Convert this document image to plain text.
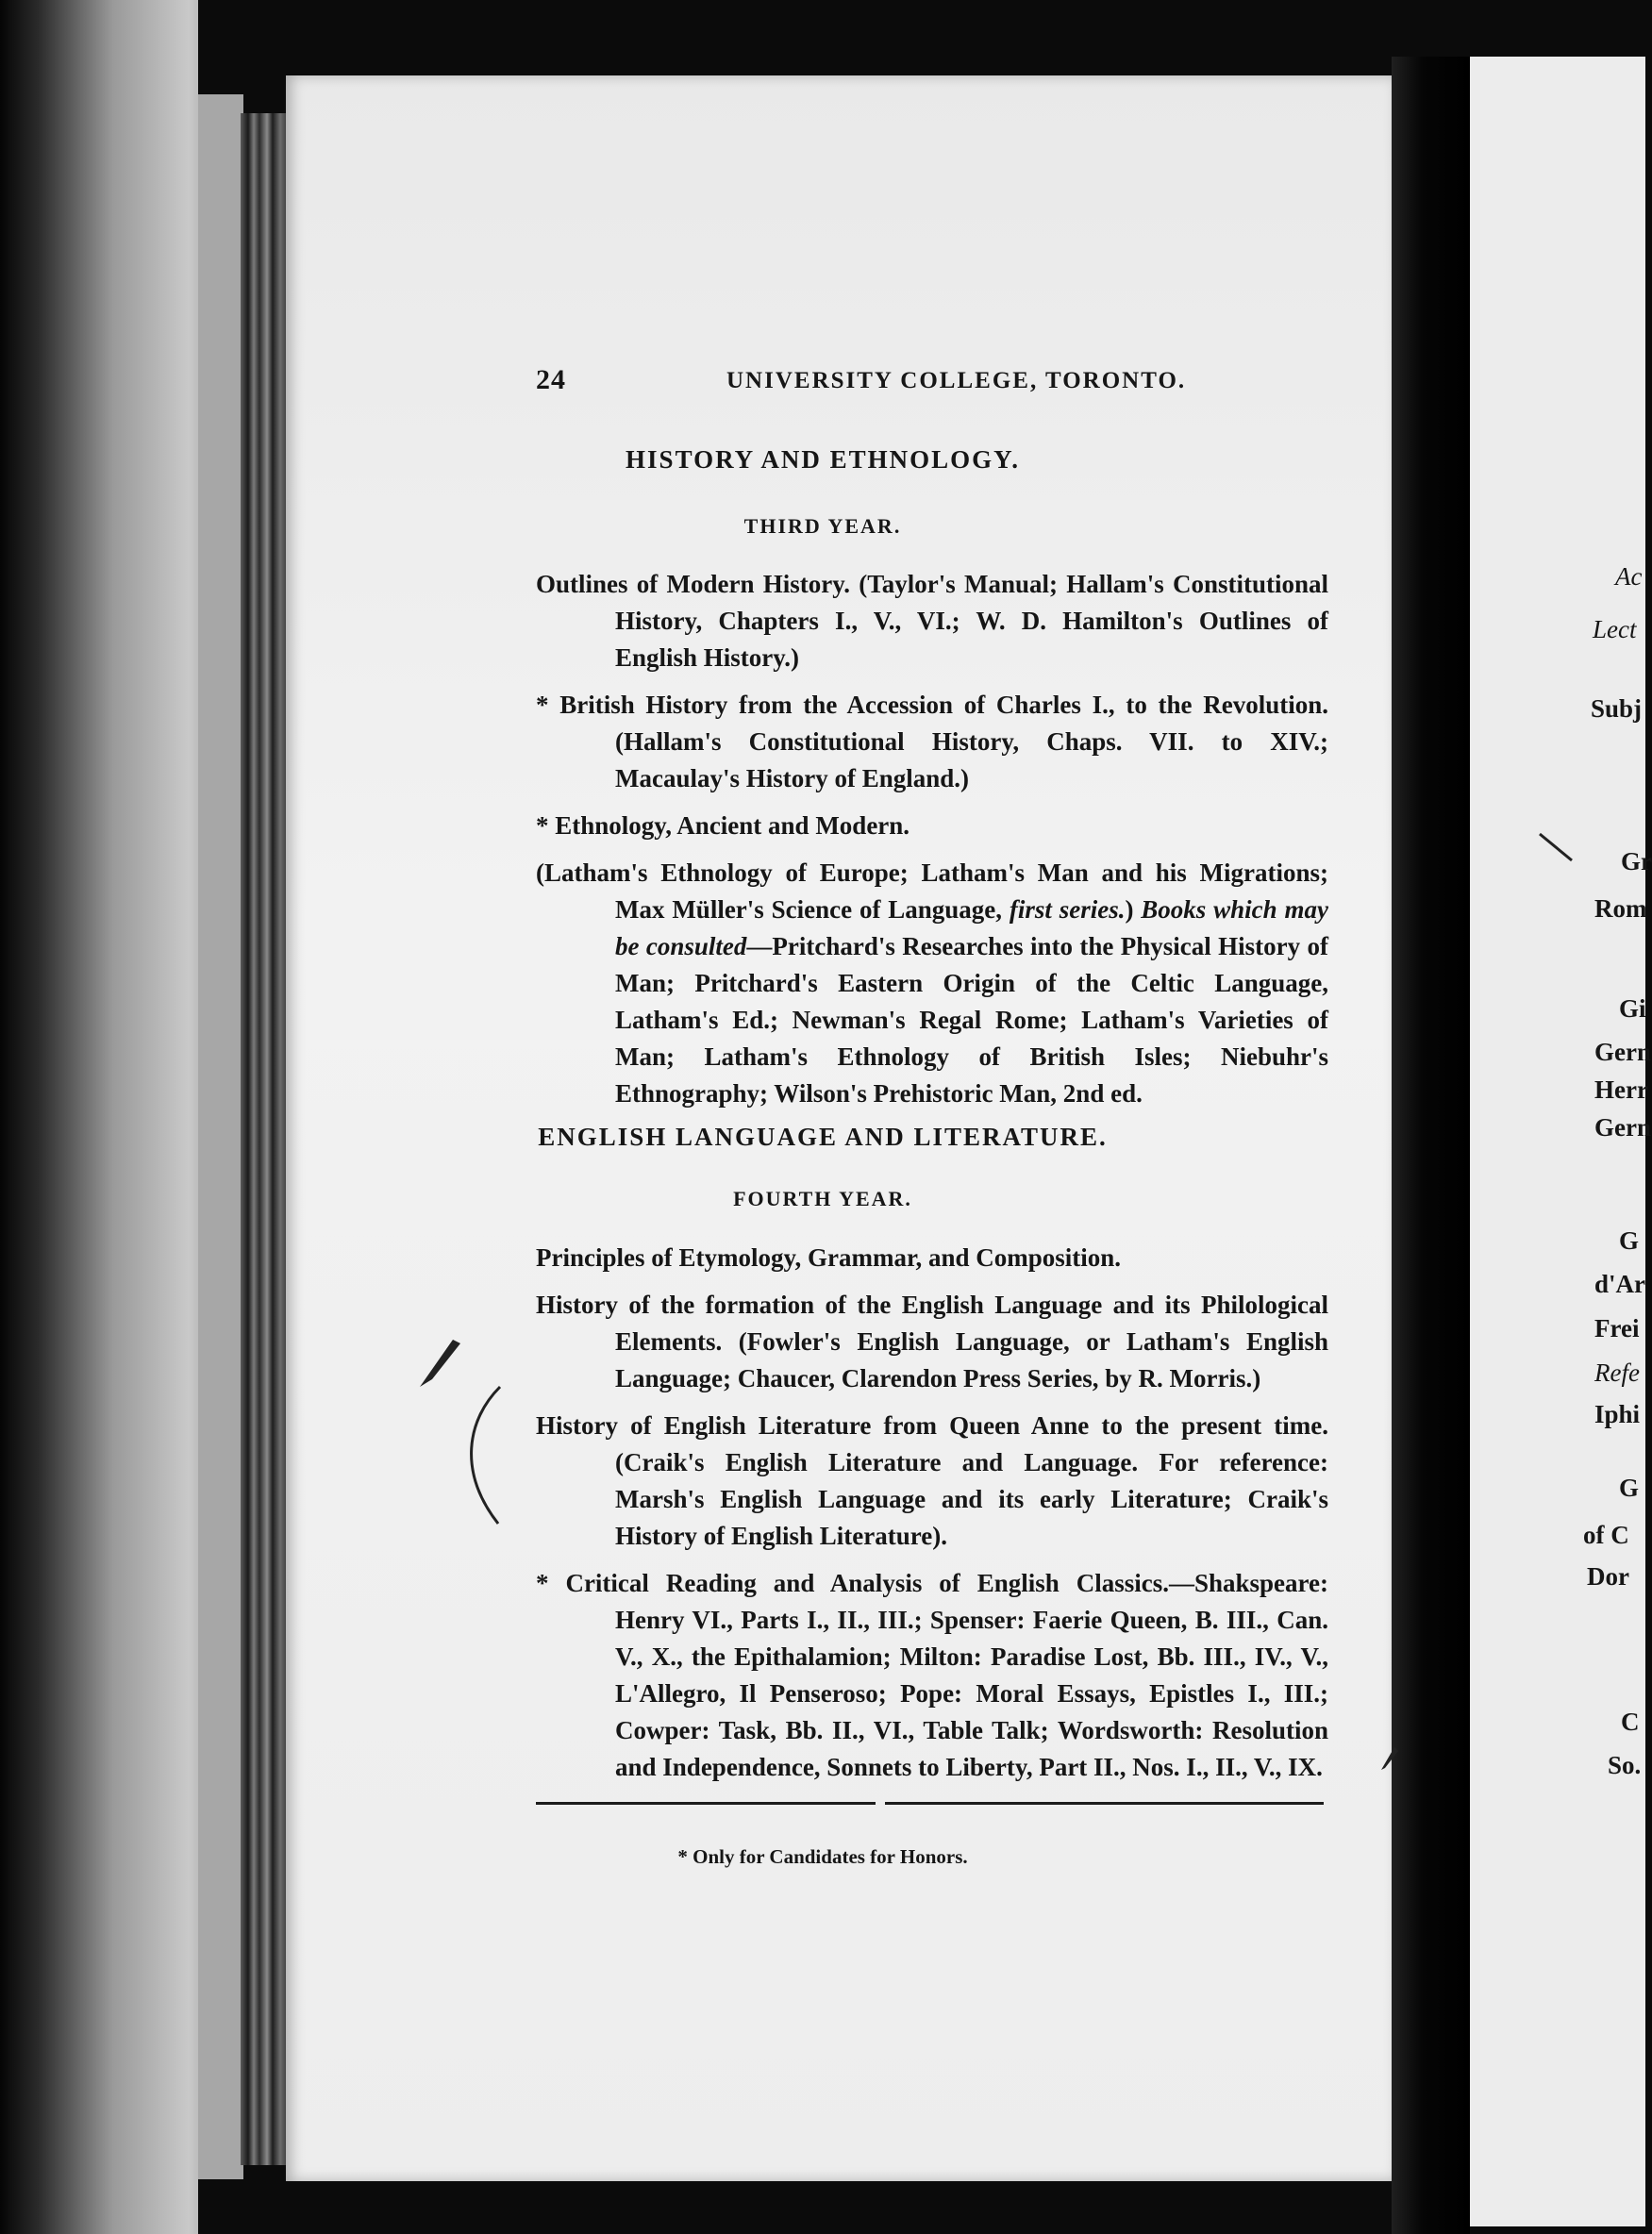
24	UNIVERSITY COLLEGE, TORONTO.
HISTORY AND ETHNOLOGY.
THIRD YEAR.

Outlines of Modern History. (Taylor's Manual; Hallam's Constitutional History, Chapters I., V., VI.; W. D. Hamilton's Outlines of English History.)

* British History from the Accession of Charles I., to the Revolution. (Hallam's Constitutional History, Chaps. VII. to XIV.; Macaulay's History of England.)

* Ethnology, Ancient and Modern.

(Latham's Ethnology of Europe; Latham's Man and his Migrations; Max Müller's Science of Language, first series.) Books which may be consulted—Pritchard's Researches into the Physical History of Man; Pritchard's Eastern Origin of the Celtic Language, Latham's Ed.; Newman's Regal Rome; Latham's Varieties of Man; Latham's Ethnology of British Isles; Niebuhr's Ethnography; Wilson's Prehistoric Man, 2nd ed.

ENGLISH LANGUAGE AND LITERATURE.
FOURTH YEAR.

Principles of Etymology, Grammar, and Composition.

History of the formation of the English Language and its Philological Elements. (Fowler's English Language, or Latham's English Language; Chaucer, Clarendon Press Series, by R. Morris.)

History of English Literature from Queen Anne to the present time. (Craik's English Literature and Language. For reference: Marsh's English Language and its early Literature; Craik's History of English Literature).

* Critical Reading and Analysis of English Classics.—Shakspeare: Henry VI., Parts I., II., III.; Spenser: Faerie Queen, B. III., Can. V., X., the Epithalamion; Milton: Paradise Lost, Bb. III., IV., V., L'Allegro, Il Penseroso; Pope: Moral Essays, Epistles I., III.; Cowper: Task, Bb. II., VI., Table Talk; Wordsworth: Resolution and Independence, Sonnets to Liberty, Part II., Nos. I., II., V., IX.

* Only for Candidates for Honors.
Ac
Lect
Subj
Gr
Rom
Gi
Gern
Herr
Gern
G
d'Ar
Frei
Refe
Iphi
G
of C
Dor
C
So.
